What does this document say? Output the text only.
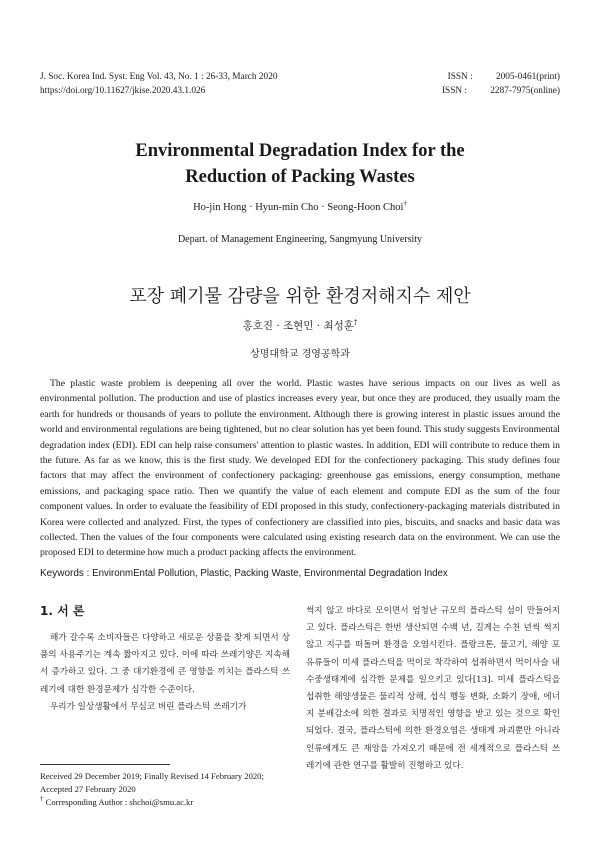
J. Soc. Korea Ind. Syst. Eng Vol. 43, No. 1 : 26-33, March 2020
https://doi.org/10.11627/jkise.2020.43.1.026
ISSN :	2005-0461(print)
ISSN :	2287-7975(online)
Environmental Degradation Index for the
Reduction of Packing Wastes
Ho-jin Hong · Hyun-min Cho · Seong-Hoon Choi†
Depart. of Management Engineering, Sangmyung University
포장 폐기물 감량을 위한 환경저해지수 제안
홍호진 · 조현민 · 최성훈†
상명대학교 경영공학과
The plastic waste problem is deepening all over the world. Plastic wastes have serious impacts on our lives as well as environmental pollution. The production and use of plastics increases every year, but once they are produced, they usually roam the earth for hundreds or thousands of years to pollute the environment. Although there is growing interest in plastic issues around the world and environmental regulations are being tightened, but no clear solution has yet been found. This study suggests Environmental degradation index (EDI). EDI can help raise consumers' attention to plastic wastes. In addition, EDI will contribute to reduce them in the future. As far as we know, this is the first study. We developed EDI for the confectionery packaging. This study defines four factors that may affect the environment of confectionery packaging: greenhouse gas emissions, energy consumption, methane emissions, and packaging space ratio. Then we quantify the value of each element and compute EDI as the sum of the four component values. In order to evaluate the feasibility of EDI proposed in this study, confectionery-packaging materials distributed in Korea were collected and analyzed. First, the types of confectionery are classified into pies, biscuits, and snacks and basic data was collected. Then the values of the four components were calculated using existing research data on the environment. We can use the proposed EDI to determine how much a product packing affects the environment.
Keywords : EnvironmEntal Pollution, Plastic, Packing Waste, Environmental Degradation Index
1. 서 론

해가 갈수록 소비자들은 다양하고 새로운 상품을 찾게 되면서 상품의 사용주기는 계속 짧아지고 있다. 이에 따라 쓰레기양은 지속해서 증가하고 있다. 그 중 대기환경에 큰 영향을 끼치는 플라스틱 쓰레기에 대한 환경문제가 심각한 수준이다.

우리가 일상생활에서 무심코 버린 플라스틱 쓰레기가

썩지 않고 바다로 모이면서 엄청난 규모의 플라스틱 섬이 만들어지고 있다. 플라스틱은 한번 생산되면 수백 년, 길게는 수천 년씩 썩지 않고 지구를 떠돌며 환경을 오염시킨다. 플랑크톤, 물고기, 해양 포유류들이 미세 플라스틱을 먹이로 착각하여 섭취하면서 먹이사슬 내 수중생태계에 심각한 문제를 일으키고 있다[13]. 미세 플라스틱을 섭취한 해양생물은 물리적 상해, 섭식 행동 변화, 소화기 장애, 에너지 분배감소에 의한 결과로 치명적인 영향을 받고 있는 것으로 확인되었다. 결국, 플라스틱에 의한 환경오염은 생태계 파괴뿐만 아니라 인류에게도 큰 재앙을 가져오기 때문에 전 세계적으로 플라스틱 쓰레기에 관한 연구를 활발히 진행하고 있다.

Received 29 December 2019; Finally Revised 14 February 2020;
Accepted 27 February 2020
† Corresponding Author : shchoi@smu.ac.kr
